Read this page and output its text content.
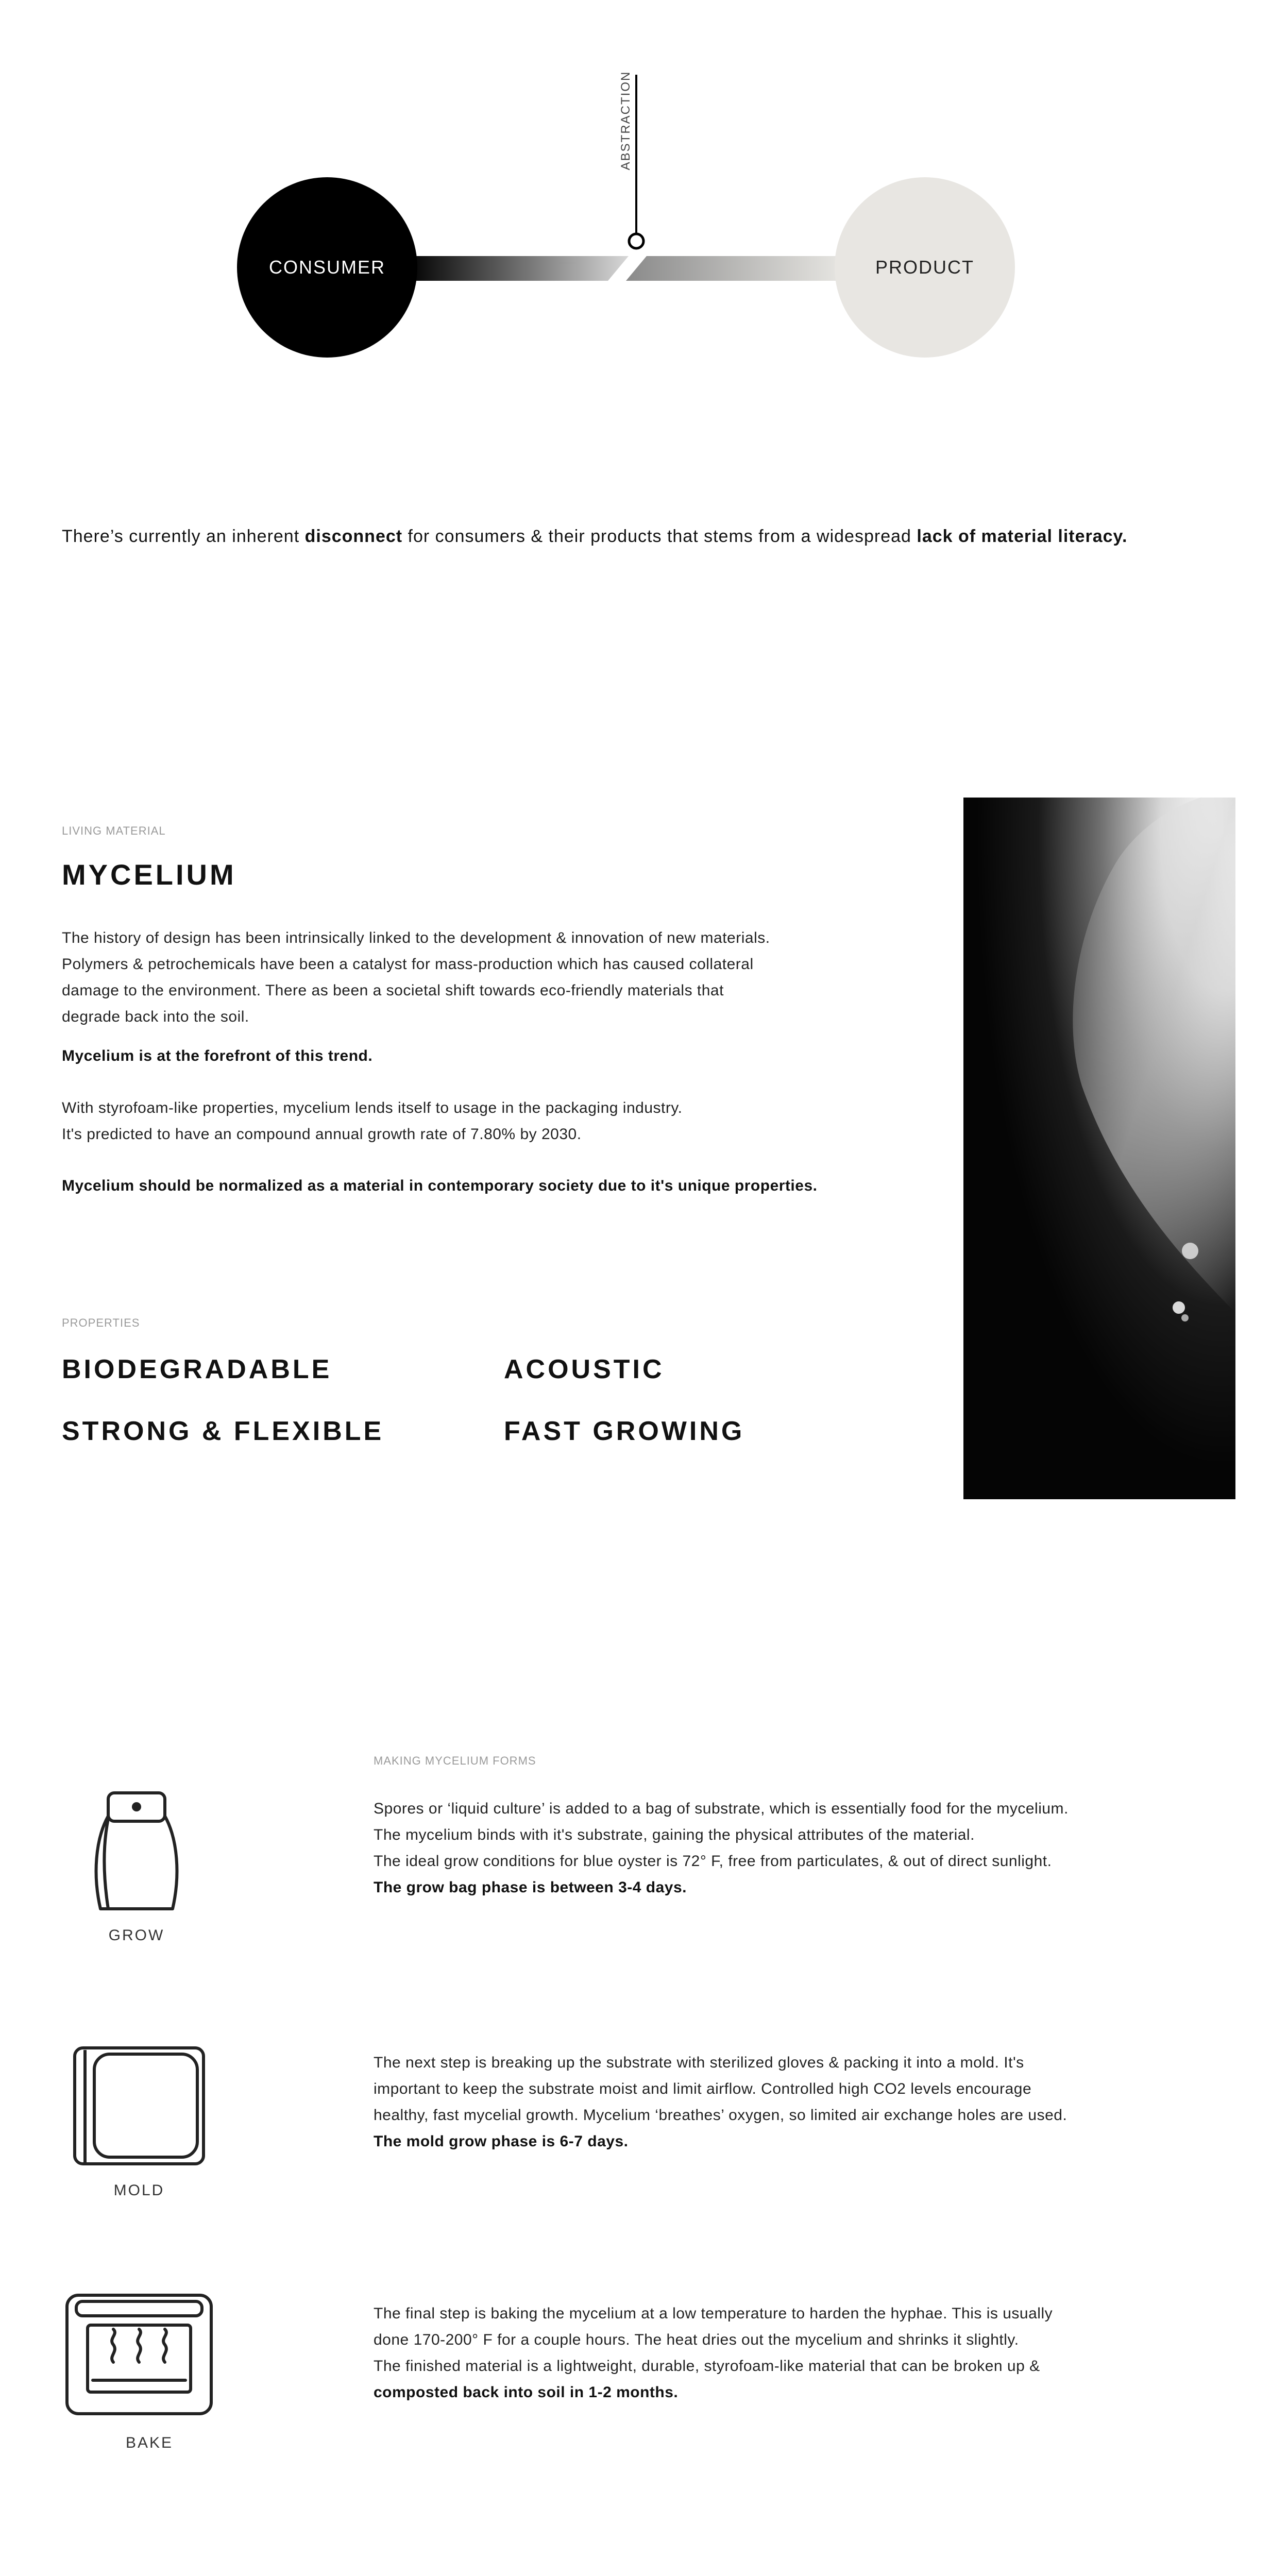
ABSTRACTION
CONSUMER	PRODUCT
There’s currently an inherent disconnect for consumers & their products that stems from a widespread lack of material literacy.
LIVING MATERIAL
MYCELIUM
The history of design has been intrinsically linked to the development & innovation of new materials.
Polymers & petrochemicals have been a catalyst for mass-production which has caused collateral
damage to the environment. There as been a societal shift towards eco-friendly materials that
degrade back into the soil.
Mycelium is at the forefront of this trend.
With styrofoam-like properties, mycelium lends itself to usage in the packaging industry.
It's predicted to have an compound annual growth rate of 7.80% by 2030.
Mycelium should be normalized as a material in contemporary society due to it's unique properties.
PROPERTIES
BIODEGRADABLE	ACOUSTIC
STRONG & FLEXIBLE	FAST GROWING
MAKING MYCELIUM FORMS
GROW
Spores or ‘liquid culture’ is added to a bag of substrate, which is essentially food for the mycelium.
The mycelium binds with it's substrate, gaining the physical attributes of the material.
The ideal grow conditions for blue oyster is 72° F, free from particulates, & out of direct sunlight.
The grow bag phase is between 3-4 days.
MOLD
The next step is breaking up the substrate with sterilized gloves & packing it into a mold. It's
important to keep the substrate moist and limit airflow. Controlled high CO2 levels encourage
healthy, fast mycelial growth. Mycelium ‘breathes’ oxygen, so limited air exchange holes are used.
The mold grow phase is 6-7 days.
BAKE
The final step is baking the mycelium at a low temperature to harden the hyphae. This is usually
done 170-200° F for a couple hours. The heat dries out the mycelium and shrinks it slightly.
The finished material is a lightweight, durable, styrofoam-like material that can be broken up &
composted back into soil in 1-2 months.
